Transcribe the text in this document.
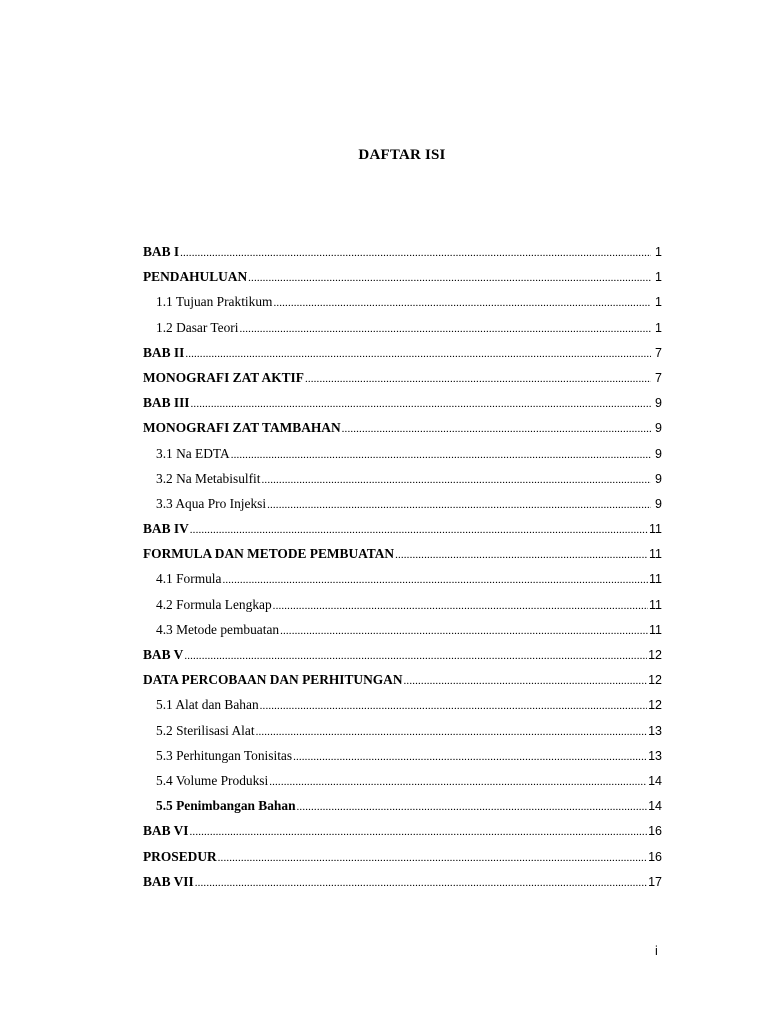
DAFTAR ISI
BAB I .....	1
PENDAHULUAN .....	1
1.1 Tujuan Praktikum .....	1
1.2 Dasar Teori .....	1
BAB II .....	7
MONOGRAFI ZAT AKTIF .....	7
BAB III .....	9
MONOGRAFI ZAT TAMBAHAN .....	9
3.1 Na EDTA .....	9
3.2 Na Metabisulfit .....	9
3.3 Aqua Pro Injeksi .....	9
BAB IV .....	11
FORMULA DAN METODE PEMBUATAN .....	11
4.1 Formula .....	11
4.2 Formula Lengkap .....	11
4.3 Metode pembuatan .....	11
BAB V .....	12
DATA PERCOBAAN DAN PERHITUNGAN .....	12
5.1 Alat dan Bahan .....	12
5.2 Sterilisasi Alat .....	13
5.3 Perhitungan Tonisitas .....	13
5.4 Volume Produksi .....	14
5.5 Penimbangan Bahan .....	14
BAB VI .....	16
PROSEDUR .....	16
BAB VII .....	17
i
